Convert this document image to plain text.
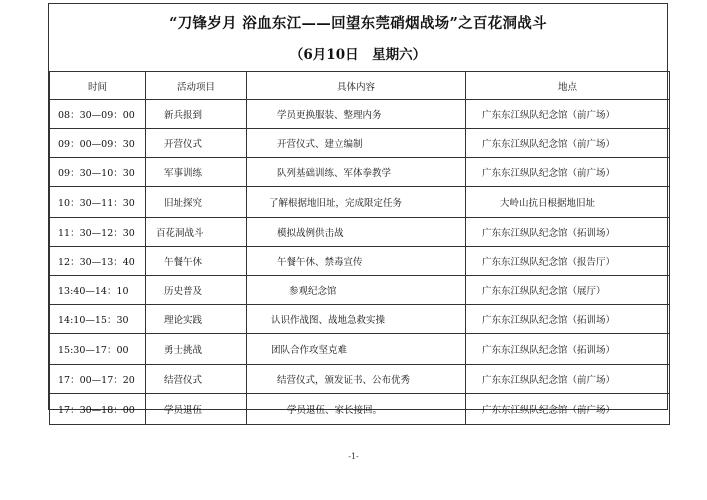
“刀锋岁月 浴血东江——回望东莞硝烟战场”之百花洞战斗
（6月10日　星期六）
时间	活动项目	具体内容	地点
08：30—09：00	新兵报到	学员更换服装、整理内务	广东东江纵队纪念馆（前广场）
09：00—09：30	开营仪式	开营仪式、建立编制	广东东江纵队纪念馆（前广场）
09：30—10：30	军事训练	队列基础训练、军体拳教学	广东东江纵队纪念馆（前广场）
10：30—11：30	旧址探究	了解根据地旧址，完成限定任务	大岭山抗日根据地旧址
11：30—12：30	百花洞战斗	模拟战例供击战	广东东江纵队纪念馆（拓训场）
12：30—13：40	午餐午休	午餐午休、禁毒宣传	广东东江纵队纪念馆（报告厅）
13:40—14：10	历史普及	参观纪念馆	广东东江纵队纪念馆（展厅）
14:10—15：30	理论实践	认识作战图、战地急救实操	广东东江纵队纪念馆（拓训场）
15:30—17：00	勇士挑战	团队合作攻坚克难	广东东江纵队纪念馆（拓训场）
17：00—17：20	结营仪式	结营仪式，颁发证书、公布优秀	广东东江纵队纪念馆（前广场）
17：30—18：00	学员退伍	学员退伍、家长接回。	广东东江纵队纪念馆（前广场）
-1-
